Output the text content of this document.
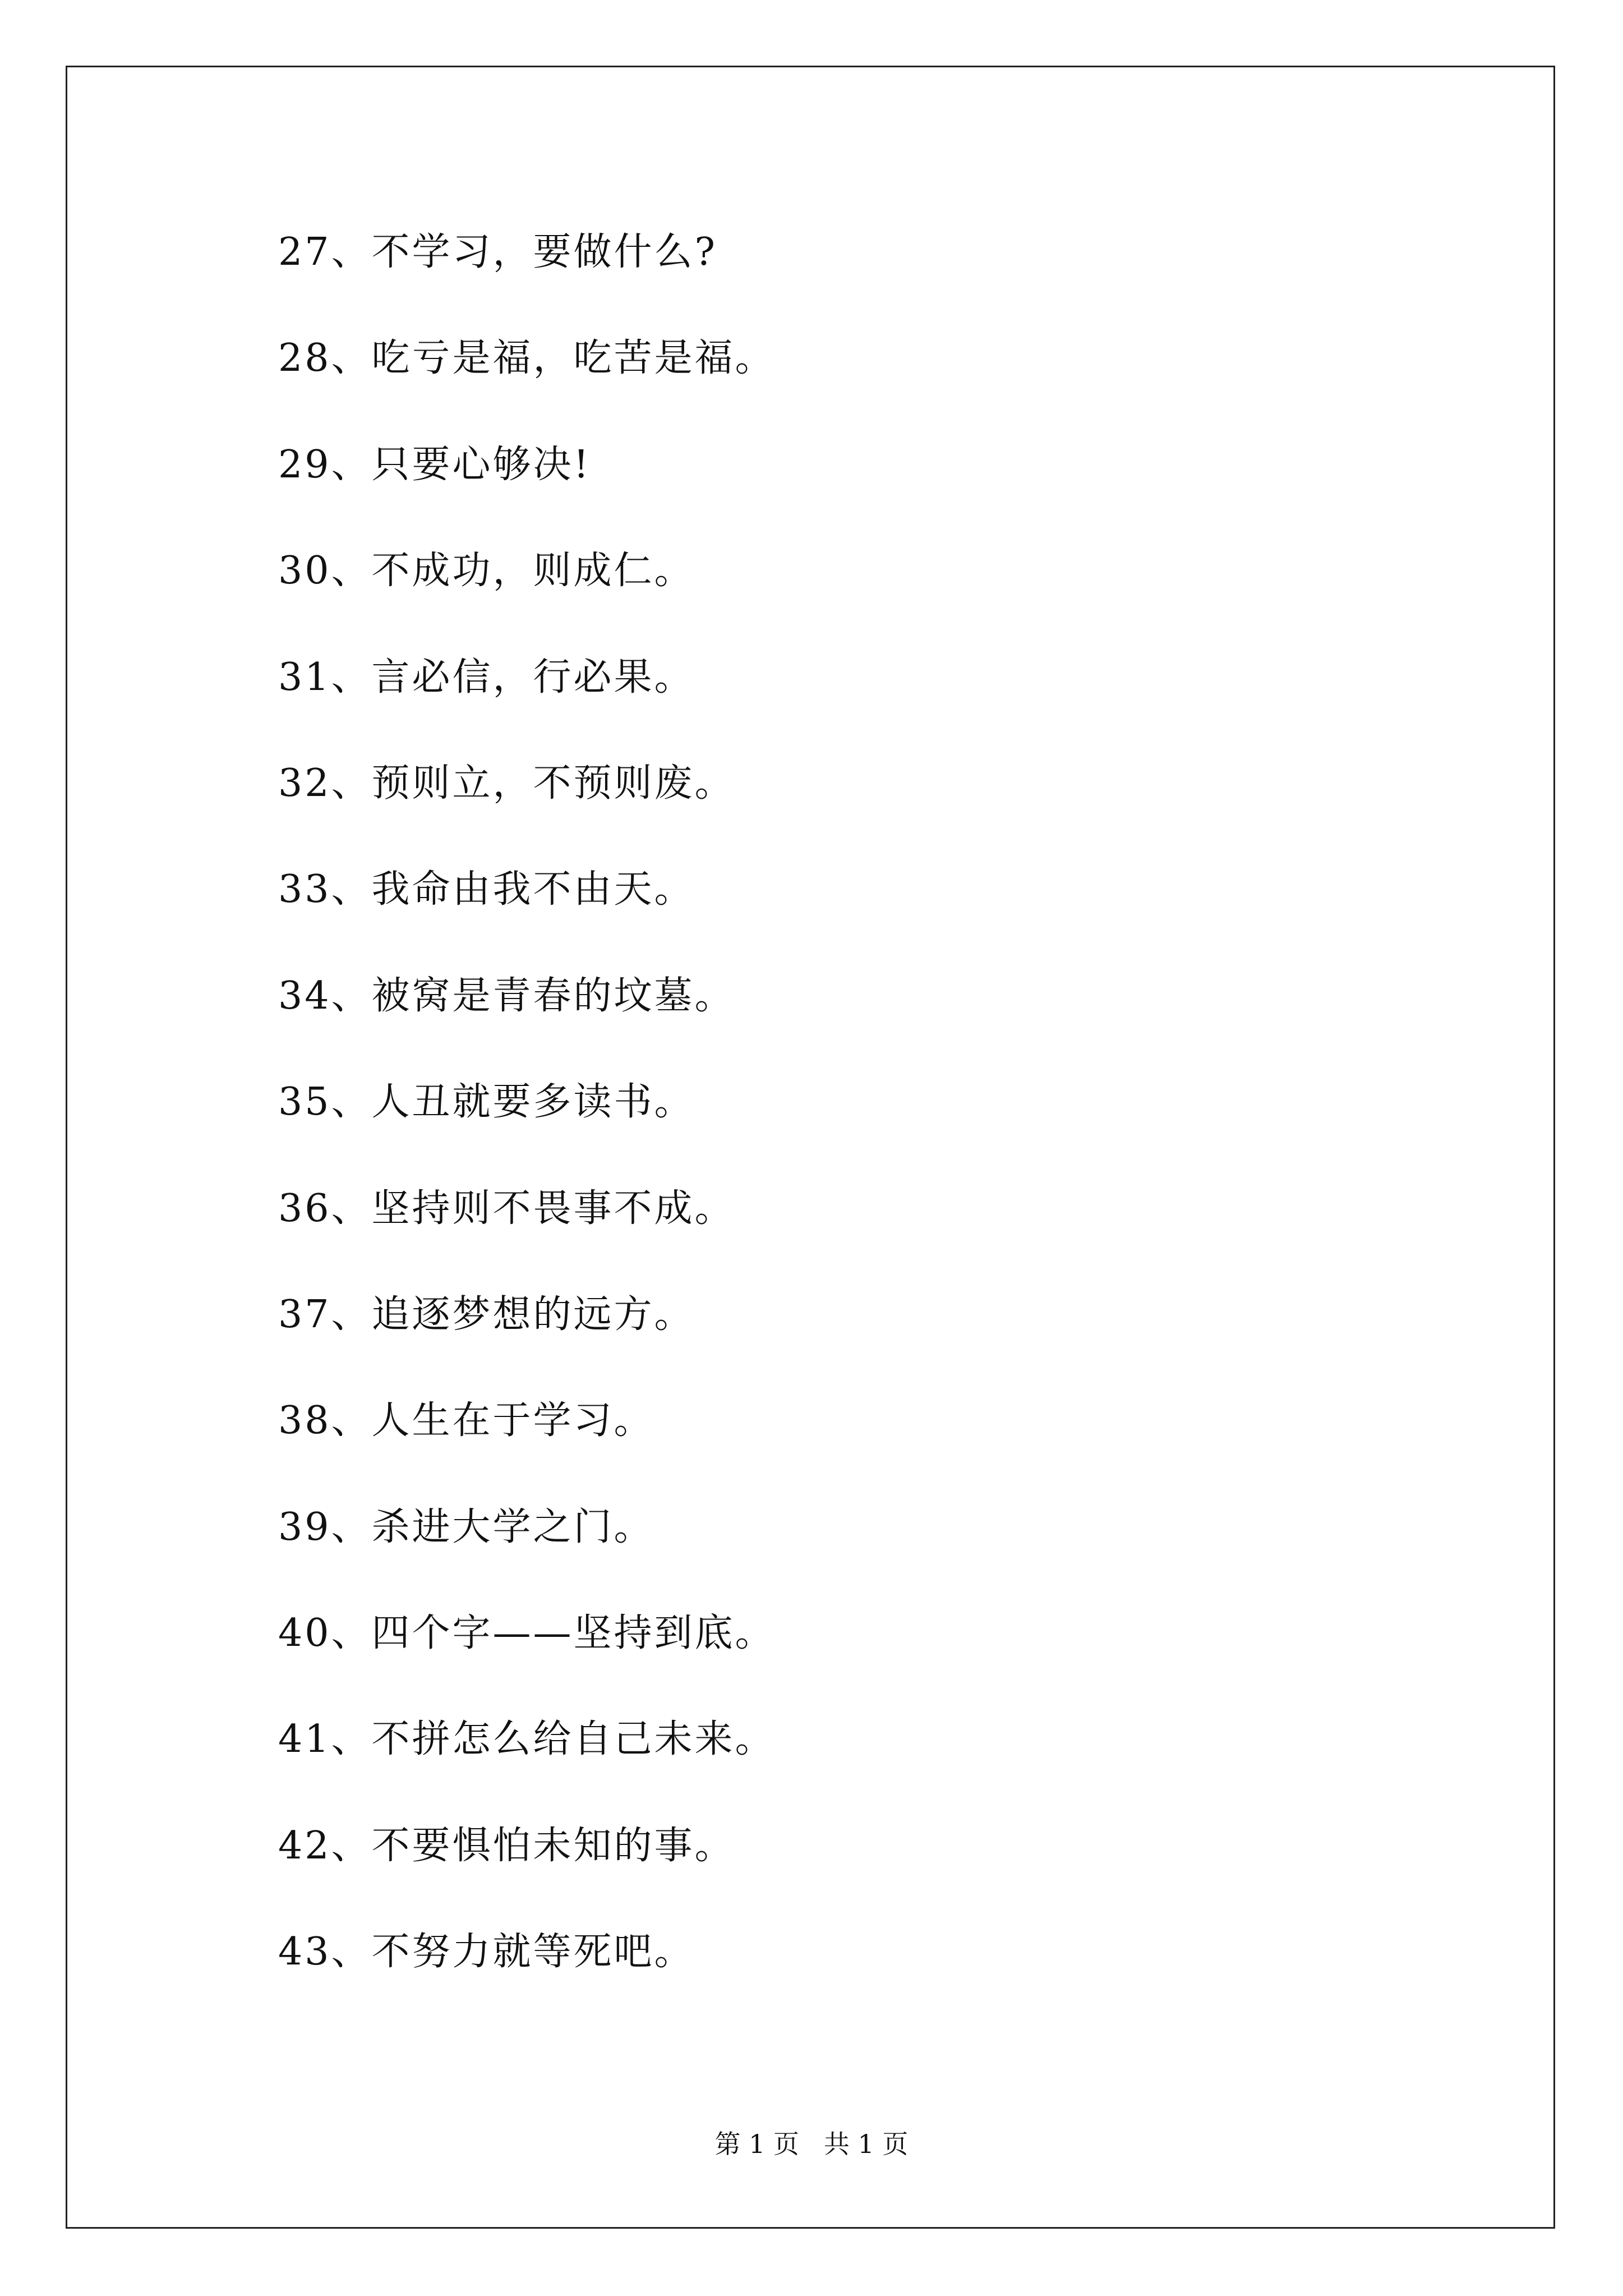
27、不学习，要做什么?
28、吃亏是福，吃苦是福。
29、只要心够决!
30、不成功，则成仁。
31、言必信，行必果。
32、预则立，不预则废。
33、我命由我不由天。
34、被窝是青春的坟墓。
35、人丑就要多读书。
36、坚持则不畏事不成。
37、追逐梦想的远方。
38、人生在于学习。
39、杀进大学之门。
40、四个字——坚持到底。
41、不拼怎么给自己未来。
42、不要惧怕未知的事。
43、不努力就等死吧。
第 1 页   共 1 页
